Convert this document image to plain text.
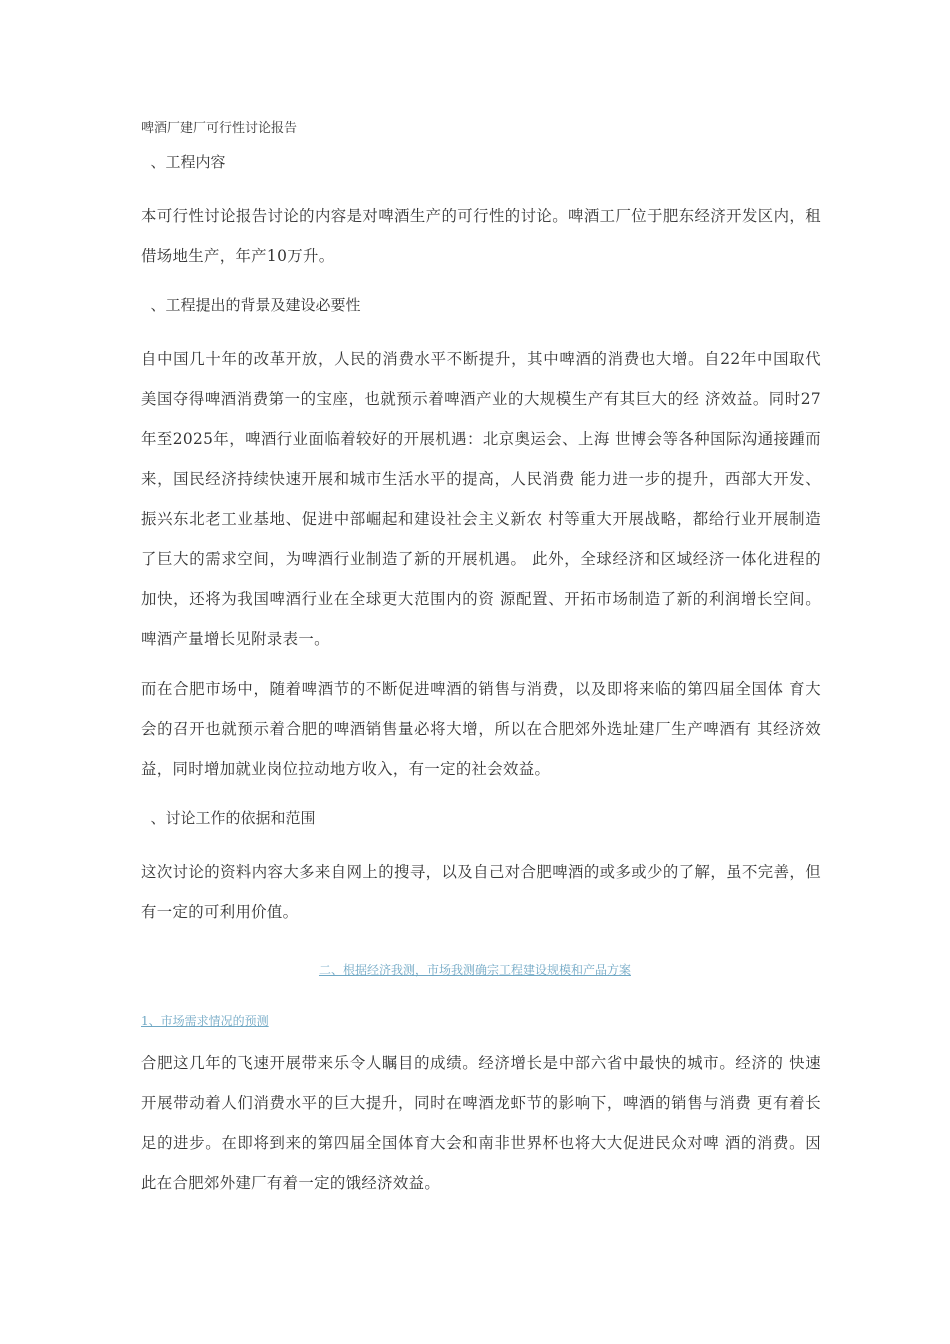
啤酒厂建厂可行性讨论报告
、工程内容

本可行性讨论报告讨论的内容是对啤酒生产的可行性的讨论。啤酒工厂位于肥东经济开发区内，租借场地生产，年产10万升。

、工程提出的背景及建设必要性

自中国几十年的改革开放，人民的消费水平不断提升，其中啤酒的消费也大增。自22年中国取代美国夺得啤酒消费第一的宝座，也就预示着啤酒产业的大规模生产有其巨大的经 济效益。同时27年至2025年，啤酒行业面临着较好的开展机遇：北京奥运会、上海 世博会等各种国际沟通接踵而来，国民经济持续快速开展和城市生活水平的提高，人民消费 能力进一步的提升，西部大开发、振兴东北老工业基地、促进中部崛起和建设社会主义新农 村等重大开展战略，都给行业开展制造了巨大的需求空间，为啤酒行业制造了新的开展机遇。 此外，全球经济和区域经济一体化进程的加快，还将为我国啤酒行业在全球更大范围内的资 源配置、开拓市场制造了新的利润增长空间。啤酒产量增长见附录表一。

而在合肥市场中，随着啤酒节的不断促进啤酒的销售与消费，以及即将来临的第四届全国体 育大会的召开也就预示着合肥的啤酒销售量必将大增，所以在合肥郊外选址建厂生产啤酒有 其经济效益，同时增加就业岗位拉动地方收入，有一定的社会效益。

、讨论工作的依据和范围

这次讨论的资料内容大多来自网上的搜寻，以及自己对合肥啤酒的或多或少的了解，虽不完善，但有一定的可利用价值。

二、根据经济我测，市场我测确宗工程建设规模和产品方案
1、市场需求情况的预测

合肥这几年的飞速开展带来乐令人瞩目的成绩。经济增长是中部六省中最快的城市。经济的 快速开展带动着人们消费水平的巨大提升，同时在啤酒龙虾节的影响下，啤酒的销售与消费 更有着长足的进步。在即将到来的第四届全国体育大会和南非世界杯也将大大促进民众对啤 酒的消费。因此在合肥郊外建厂有着一定的饿经济效益。
